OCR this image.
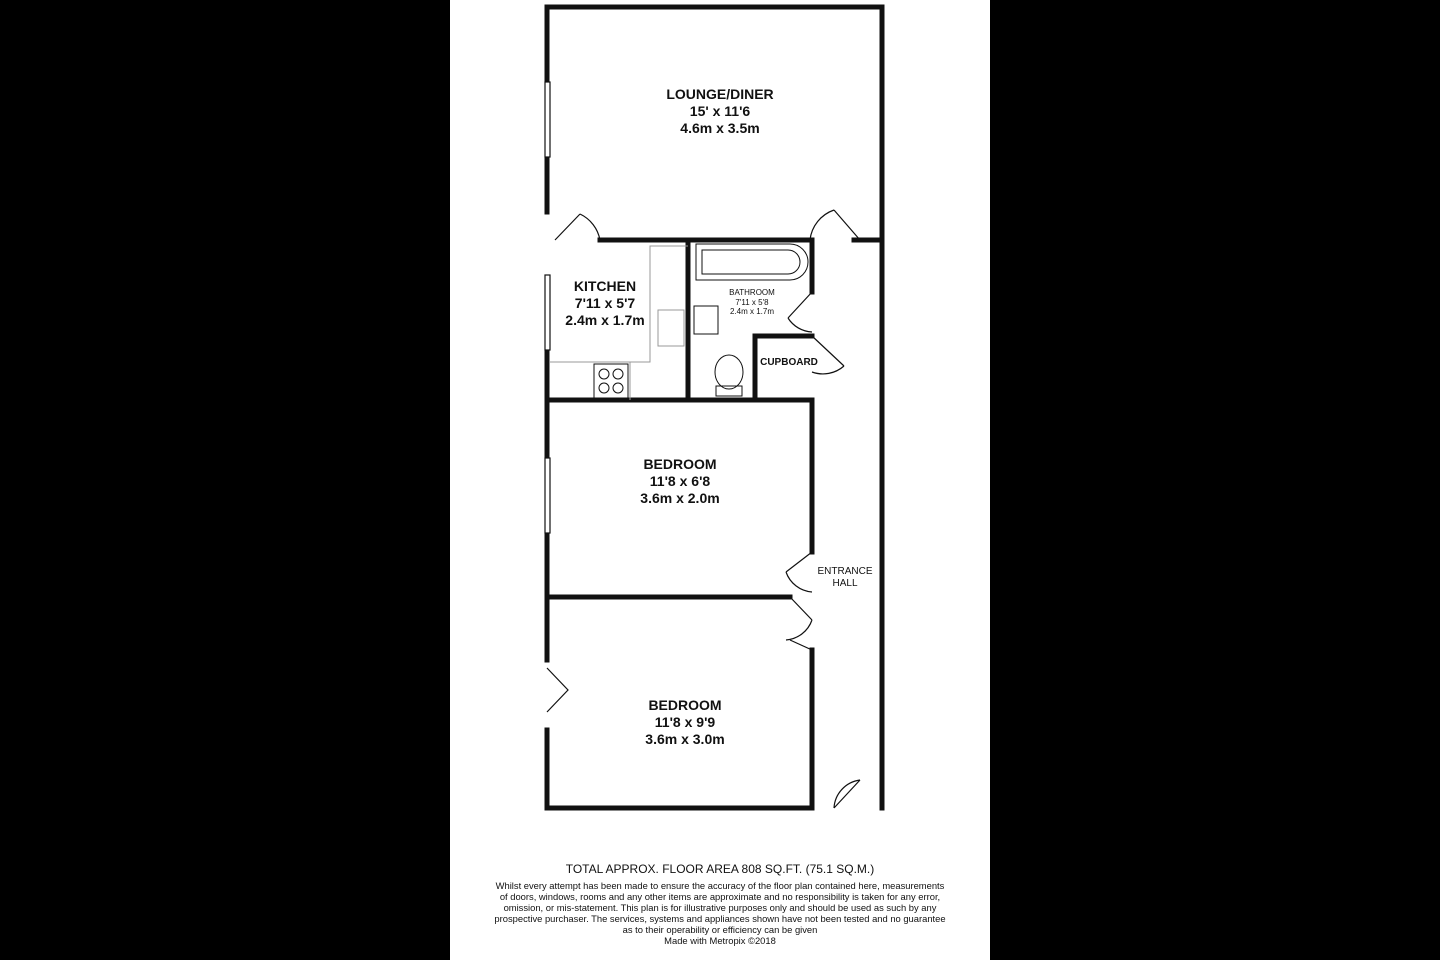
LOUNGE/DINER
15' x 11'6
4.6m x 3.5m
KITCHEN
7'11 x 5'7
2.4m x 1.7m
BATHROOM
7'11 x 5'8
2.4m x 1.7m
CUPBOARD
BEDROOM
11'8 x 6'8
3.6m x 2.0m
ENTRANCE
HALL
BEDROOM
11'8 x 9'9
3.6m x 3.0m
TOTAL APPROX. FLOOR AREA 808 SQ.FT. (75.1 SQ.M.)
Whilst every attempt has been made to ensure the accuracy of the floor plan contained here, measurements
of doors, windows, rooms and any other items are approximate and no responsibility is taken for any error,
omission, or mis-statement. This plan is for illustrative purposes only and should be used as such by any
prospective purchaser. The services, systems and appliances shown have not been tested and no guarantee
as to their operability or efficiency can be given
Made with Metropix ©2018
